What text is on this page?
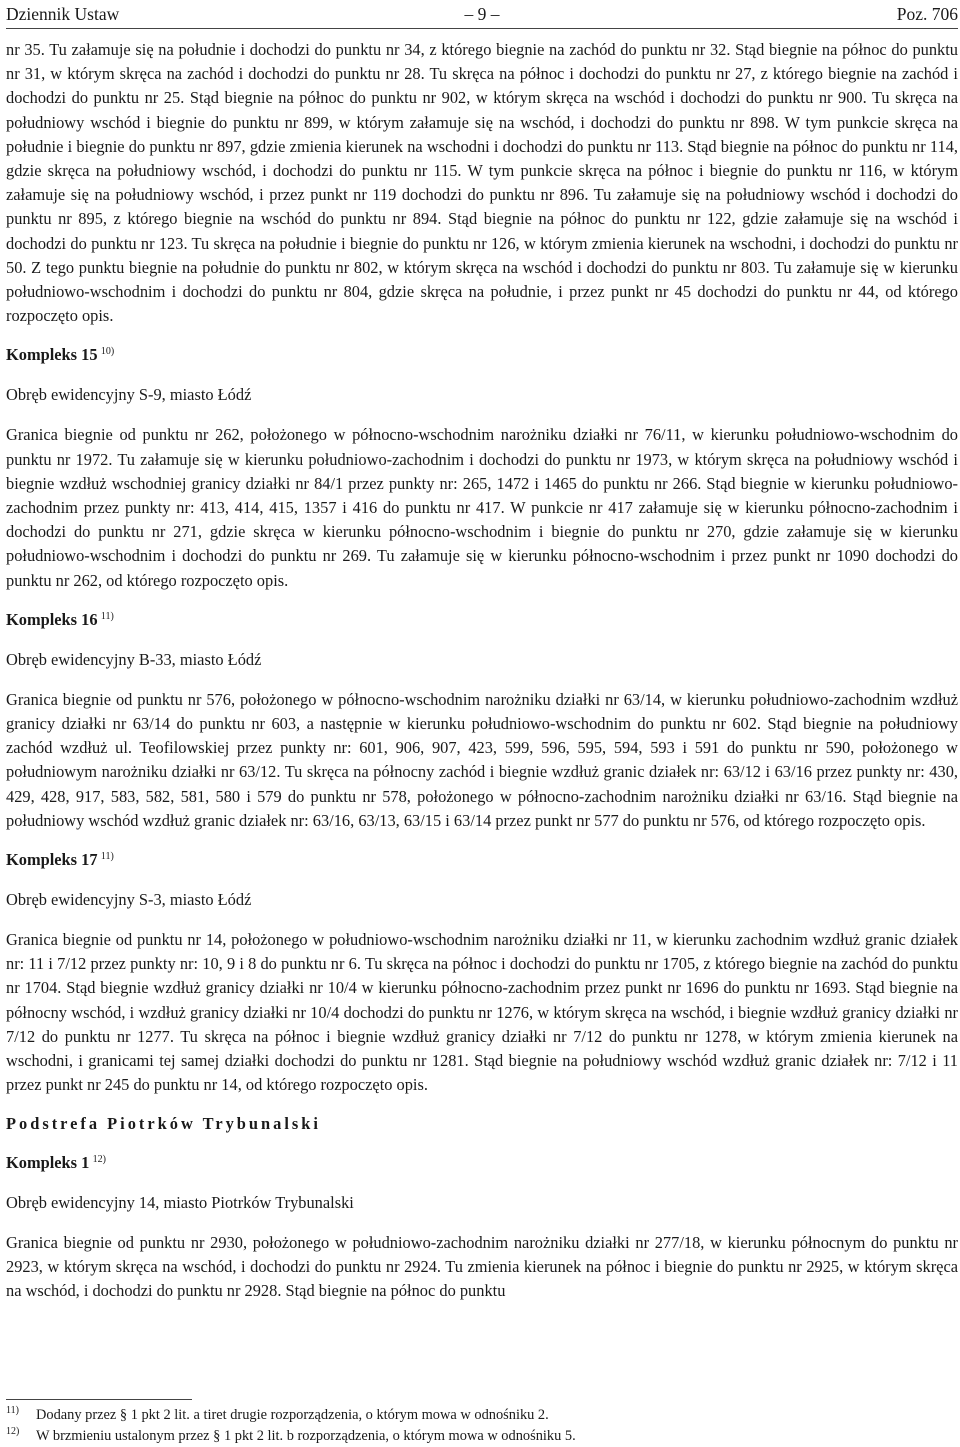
Dziennik Ustaw	– 9 –	Poz. 706

nr 35. Tu załamuje się na południe i dochodzi do punktu nr 34, z którego biegnie na zachód do punktu nr 32. Stąd biegnie na północ do punktu nr 31, w którym skręca na zachód i dochodzi do punktu nr 28. Tu skręca na północ i dochodzi do punktu nr 27, z którego biegnie na zachód i dochodzi do punktu nr 25. Stąd biegnie na północ do punktu nr 902, w którym skręca na wschód i dochodzi do punktu nr 900. Tu skręca na południowy wschód i biegnie do punktu nr 899, w którym załamuje się na wschód, i dochodzi do punktu nr 898. W tym punkcie skręca na południe i biegnie do punktu nr 897, gdzie zmienia kierunek na wschodni i dochodzi do punktu nr 113. Stąd biegnie na północ do punktu nr 114, gdzie skręca na południowy wschód, i dochodzi do punktu nr 115. W tym punkcie skręca na północ i biegnie do punktu nr 116, w którym załamuje się na południowy wschód, i przez punkt nr 119 dochodzi do punktu nr 896. Tu załamuje się na południowy wschód i dochodzi do punktu nr 895, z którego biegnie na wschód do punktu nr 894. Stąd biegnie na północ do punktu nr 122, gdzie załamuje się na wschód i dochodzi do punktu nr 123. Tu skręca na południe i biegnie do punktu nr 126, w którym zmienia kierunek na wschodni, i dochodzi do punktu nr 50. Z tego punktu biegnie na południe do punktu nr 802, w którym skręca na wschód i dochodzi do punktu nr 803. Tu załamuje się w kierunku południowo-wschodnim i dochodzi do punktu nr 804, gdzie skręca na południe, i przez punkt nr 45 dochodzi do punktu nr 44, od którego rozpoczęto opis.

Kompleks 15  $^{10)}$
Obręb ewidencyjny S-9, miasto Łódź

Granica biegnie od punktu nr 262, położonego w północno-wschodnim narożniku działki nr 76/11, w kierunku południowo-wschodnim do punktu nr 1972. Tu załamuje się w kierunku południowo-zachodnim i dochodzi do punktu nr 1973, w którym skręca na południowy wschód i biegnie wzdłuż wschodniej granicy działki nr 84/1 przez punkty nr: 265, 1472 i 1465 do punktu nr 266. Stąd biegnie w kierunku południowo-zachodnim przez punkty nr: 413, 414, 415, 1357 i 416 do punktu nr 417. W punkcie nr 417 załamuje się w kierunku północno-zachodnim i dochodzi do punktu nr 271, gdzie skręca w kierunku północno-wschodnim i biegnie do punktu nr 270, gdzie załamuje się w kierunku południowo-wschodnim i dochodzi do punktu nr 269. Tu załamuje się w kierunku północno-wschodnim i przez punkt nr 1090 dochodzi do punktu nr 262, od którego rozpoczęto opis.

Kompleks 16  $^{11)}$
Obręb ewidencyjny B-33, miasto Łódź

Granica biegnie od punktu nr 576, położonego w północno-wschodnim narożniku działki nr 63/14, w kierunku południowo-zachodnim wzdłuż granicy działki nr 63/14 do punktu nr 603, a następnie w kierunku południowo-wschodnim do punktu nr 602. Stąd biegnie na południowy zachód wzdłuż ul. Teofilowskiej przez punkty nr: 601, 906, 907, 423, 599, 596, 595, 594, 593 i 591 do punktu nr 590, położonego w południowym narożniku działki nr 63/12. Tu skręca na północny zachód i biegnie wzdłuż granic działek nr: 63/12 i 63/16 przez punkty nr: 430, 429, 428, 917, 583, 582, 581, 580 i 579 do punktu nr 578, położonego w północno-zachodnim narożniku działki nr 63/16. Stąd biegnie na południowy wschód wzdłuż granic działek nr: 63/16, 63/13, 63/15 i 63/14 przez punkt nr 577 do punktu nr 576, od którego rozpoczęto opis.

Kompleks 17  $^{11)}$
Obręb ewidencyjny S-3, miasto Łódź

Granica biegnie od punktu nr 14, położonego w południowo-wschodnim narożniku działki nr 11, w kierunku zachodnim wzdłuż granic działek nr: 11 i 7/12 przez punkty nr: 10, 9 i 8 do punktu nr 6. Tu skręca na północ i dochodzi do punktu nr 1705, z którego biegnie na zachód do punktu nr 1704. Stąd biegnie wzdłuż granicy działki nr 10/4 w kierunku północno-zachodnim przez punkt nr 1696 do punktu nr 1693. Stąd biegnie na północny wschód, i wzdłuż granicy działki nr 10/4 dochodzi do punktu nr 1276, w którym skręca na wschód, i biegnie wzdłuż granicy działki nr 7/12 do punktu nr 1277. Tu skręca na północ i biegnie wzdłuż granicy działki nr 7/12 do punktu nr 1278, w którym zmienia kierunek na wschodni, i granicami tej samej działki dochodzi do punktu nr 1281. Stąd biegnie na południowy wschód wzdłuż granic działek nr: 7/12 i 11 przez punkt nr 245 do punktu nr 14, od którego rozpoczęto opis.

Podstrefa Piotrków Trybunalski
Kompleks 1  $^{12)}$
Obręb ewidencyjny 14, miasto Piotrków Trybunalski

Granica biegnie od punktu nr 2930, położonego w południowo-zachodnim narożniku działki nr 277/18, w kierunku północnym do punktu nr 2923, w którym skręca na wschód, i dochodzi do punktu nr 2924. Tu zmienia kierunek na północ i biegnie do punktu nr 2925, w którym skręca na wschód, i dochodzi do punktu nr 2928. Stąd biegnie na północ do punktu

11) Dodany przez § 1 pkt 2 lit. a tiret drugie rozporządzenia, o którym mowa w odnośniku 2.
12) W brzmieniu ustalonym przez § 1 pkt 2 lit. b rozporządzenia, o którym mowa w odnośniku 5.
